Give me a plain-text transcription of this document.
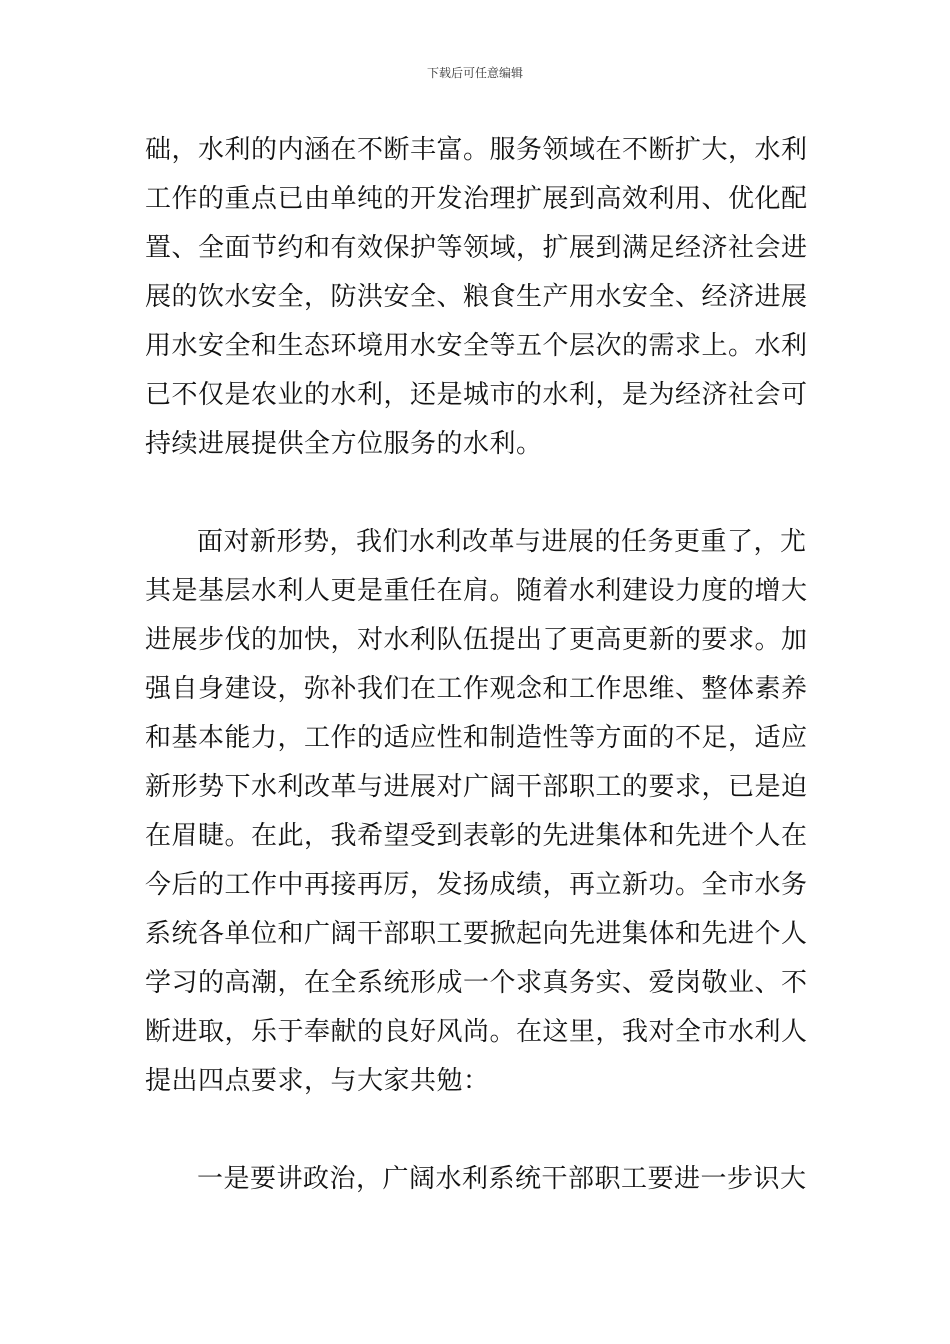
下载后可任意编辑
础，水利的内涵在不断丰富。服务领域在不断扩大，水利
工作的重点已由单纯的开发治理扩展到高效利用、优化配
置、全面节约和有效保护等领域，扩展到满足经济社会进
展的饮水安全，防洪安全、粮食生产用水安全、经济进展
用水安全和生态环境用水安全等五个层次的需求上。水利
已不仅是农业的水利，还是城市的水利，是为经济社会可
持续进展提供全方位服务的水利。
面对新形势，我们水利改革与进展的任务更重了，尤
其是基层水利人更是重任在肩。随着水利建设力度的增大
进展步伐的加快，对水利队伍提出了更高更新的要求。加
强自身建设，弥补我们在工作观念和工作思维、整体素养
和基本能力，工作的适应性和制造性等方面的不足，适应
新形势下水利改革与进展对广阔干部职工的要求，已是迫
在眉睫。在此，我希望受到表彰的先进集体和先进个人在
今后的工作中再接再厉，发扬成绩，再立新功。全市水务
系统各单位和广阔干部职工要掀起向先进集体和先进个人
学习的高潮，在全系统形成一个求真务实、爱岗敬业、不
断进取，乐于奉献的良好风尚。在这里，我对全市水利人
提出四点要求，与大家共勉：
一是要讲政治，广阔水利系统干部职工要进一步识大
